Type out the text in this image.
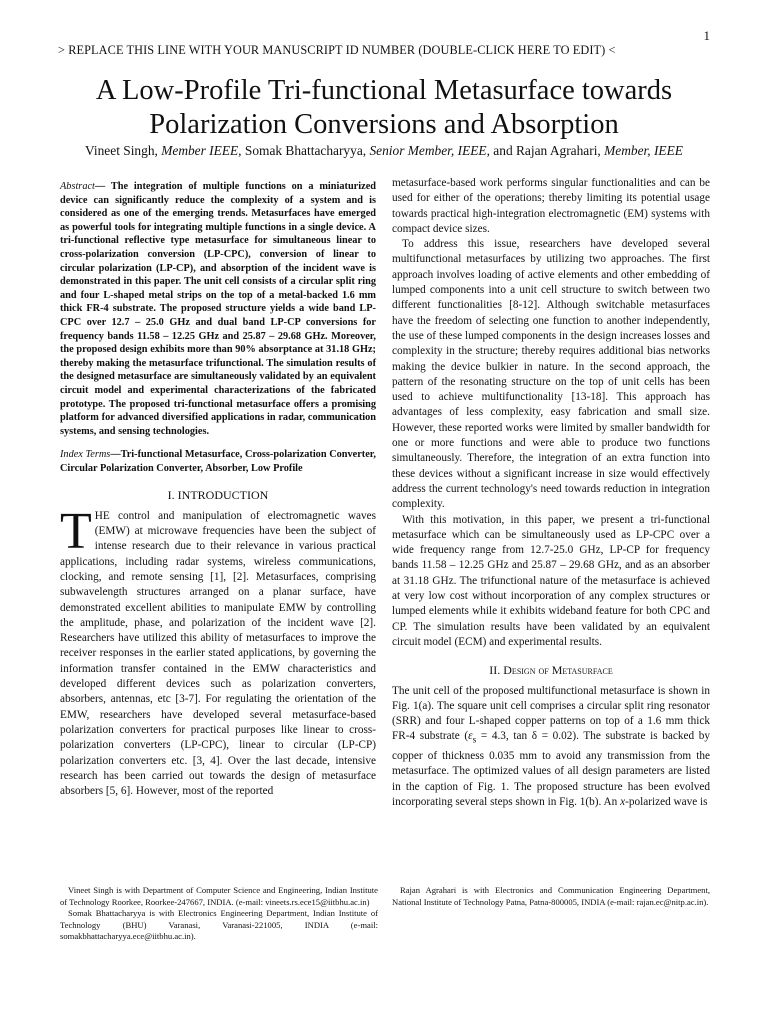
1
> REPLACE THIS LINE WITH YOUR MANUSCRIPT ID NUMBER (DOUBLE-CLICK HERE TO EDIT) <
A Low-Profile Tri-functional Metasurface towards
Polarization Conversions and Absorption
Vineet Singh, Member IEEE, Somak Bhattacharyya, Senior Member, IEEE, and Rajan Agrahari, Member, IEEE

Abstract— The integration of multiple functions on a miniaturized device can significantly reduce the complexity of a system and is considered as one of the emerging trends. Metasurfaces have emerged as powerful tools for integrating multiple functions in a single device. A tri-functional reflective type metasurface for simultaneous linear to cross-polarization conversion (LP-CPC), conversion of linear to circular polarization (LP-CP), and absorption of the incident wave is demonstrated in this paper. The unit cell consists of a circular split ring and four L-shaped metal strips on the top of a metal-backed 1.6 mm thick FR-4 substrate. The proposed structure yields a wide band LP-CPC over 12.7 – 25.0 GHz and dual band LP-CP conversions for frequency bands 11.58 – 12.25 GHz and 25.87 – 29.68 GHz. Moreover, the proposed design exhibits more than 90% absorptance at 31.18 GHz; thereby making the metasurface trifunctional. The simulation results of the designed metasurface are simultaneously validated by an equivalent circuit model and experimental characterizations of the fabricated prototype. The proposed tri-functional metasurface offers a promising platform for advanced diversified applications in radar, communication systems, and sensing technologies.

Index Terms—Tri-functional Metasurface, Cross-polarization Converter, Circular Polarization Converter, Absorber, Low Profile

I. INTRODUCTION

THE control and manipulation of electromagnetic waves (EMW) at microwave frequencies have been the subject of intense research due to their relevance in various practical applications, including radar systems, wireless communications, clocking, and remote sensing [1], [2]. Metasurfaces, comprising subwavelength structures arranged on a planar surface, have demonstrated excellent abilities to manipulate EMW by controlling the amplitude, phase, and polarization of the incident wave [2]. Researchers have utilized this ability of metasurfaces to improve the receiver responses in the earlier stated applications, by governing the information transfer contained in the EMW characteristics and developed different devices such as polarization converters, absorbers, antennas, etc [3-7]. For regulating the orientation of the EMW, researchers have developed several metasurface-based polarization converters for practical purposes like linear to cross-polarization converters (LP-CPC), linear to circular (LP-CP) polarization converters etc. [3, 4]. Over the last decade, intensive research has been carried out towards the design of metasurface absorbers [5, 6]. However, most of the reported

metasurface-based work performs singular functionalities and can be used for either of the operations; thereby limiting its potential usage towards practical high-integration electromagnetic (EM) systems with compact device sizes.

To address this issue, researchers have developed several multifunctional metasurfaces by utilizing two approaches. The first approach involves loading of active elements and other embedding of lumped components into a unit cell structure to switch between two different functionalities [8-12]. Although switchable metasurfaces have the freedom of selecting one function to another independently, the use of these lumped components in the design increases losses and complexity in the structure; thereby requires additional bias networks making the device bulkier in nature. In the second approach, the pattern of the resonating structure on the top of unit cells has been used to achieve multifunctionality [13-18]. This approach has advantages of less complexity, easy fabrication and small size. However, these reported works were limited by smaller bandwidth for one or more functions and were able to produce two functions simultaneously. Therefore, the integration of an extra function into these devices without a significant increase in size would effectively address the current technology's need towards reduction in integration complexity.

With this motivation, in this paper, we present a tri-functional metasurface which can be simultaneously used as LP-CPC over a wide frequency range from 12.7-25.0 GHz, LP-CP for frequency bands 11.58 – 12.25 GHz and 25.87 – 29.68 GHz, and as an absorber at 31.18 GHz. The trifunctional nature of the metasurface is achieved at very low cost without incorporation of any complex structures or lumped elements while it exhibits wideband feature for both CPC and CP. The simulation results have been validated by an equivalent circuit model (ECM) and experimental results.

II. Design of Metasurface

The unit cell of the proposed multifunctional metasurface is shown in Fig. 1(a). The square unit cell comprises a circular split ring resonator (SRR) and four L-shaped copper patterns on top of a 1.6 mm thick FR-4 substrate ($\varepsilon_s = 4.3$, tan δ = 0.02). The substrate is backed by copper of thickness 0.035 mm to avoid any transmission from the metasurface. The optimized values of all design parameters are listed in the caption of Fig. 1. The proposed structure has been evolved incorporating several steps shown in Fig. 1(b). An x-polarized wave is

Vineet Singh is with Department of Computer Science and Engineering, Indian Institute of Technology Roorkee, Roorkee-247667, INDIA. (e-mail: vineets.rs.ece15@iitbhu.ac.in)

Somak Bhattacharyya is with Electronics Engineering Department, Indian Institute of Technology (BHU) Varanasi, Varanasi-221005, INDIA (e-mail: somakbhattacharyya.ece@iitbhu.ac.in).

Rajan Agrahari is with Electronics and Communication Engineering Department, National Institute of Technology Patna, Patna-800005, INDIA (e-mail: rajan.ec@nitp.ac.in).
